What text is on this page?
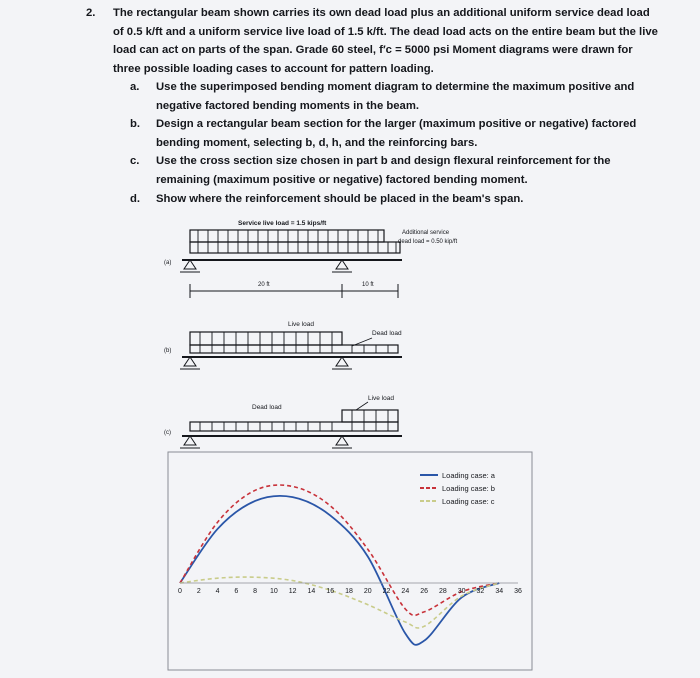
2. The rectangular beam shown carries its own dead load plus an additional uniform service dead load of 0.5 k/ft and a uniform service live load of 1.5 k/ft. The dead load acts on the entire beam but the live load can act on parts of the span. Grade 60 steel, f′c = 5000 psi Moment diagrams were drawn for three possible loading cases to account for pattern loading.
a. Use the superimposed bending moment diagram to determine the maximum positive and negative factored bending moments in the beam.
b. Design a rectangular beam section for the larger (maximum positive or negative) factored bending moment, selecting b, d, h, and the reinforcing bars.
c. Use the cross section size chosen in part b and design flexural reinforcement for the remaining (maximum positive or negative) factored bending moment.
d. Show where the reinforcement should be placed in the beam's span.
(a)
Service live load = 1.5 kips/ft
Additional service
dead load = 0.50 kip/ft
20 ft	10 ft
(b)
Live load
Dead load
(c)
Live load
Dead load
0 2 4 6 8 10 12 14 16 18 20 22 24 26 28 30 32 34 36
Loading case: a
Loading case: b
Loading case: c
